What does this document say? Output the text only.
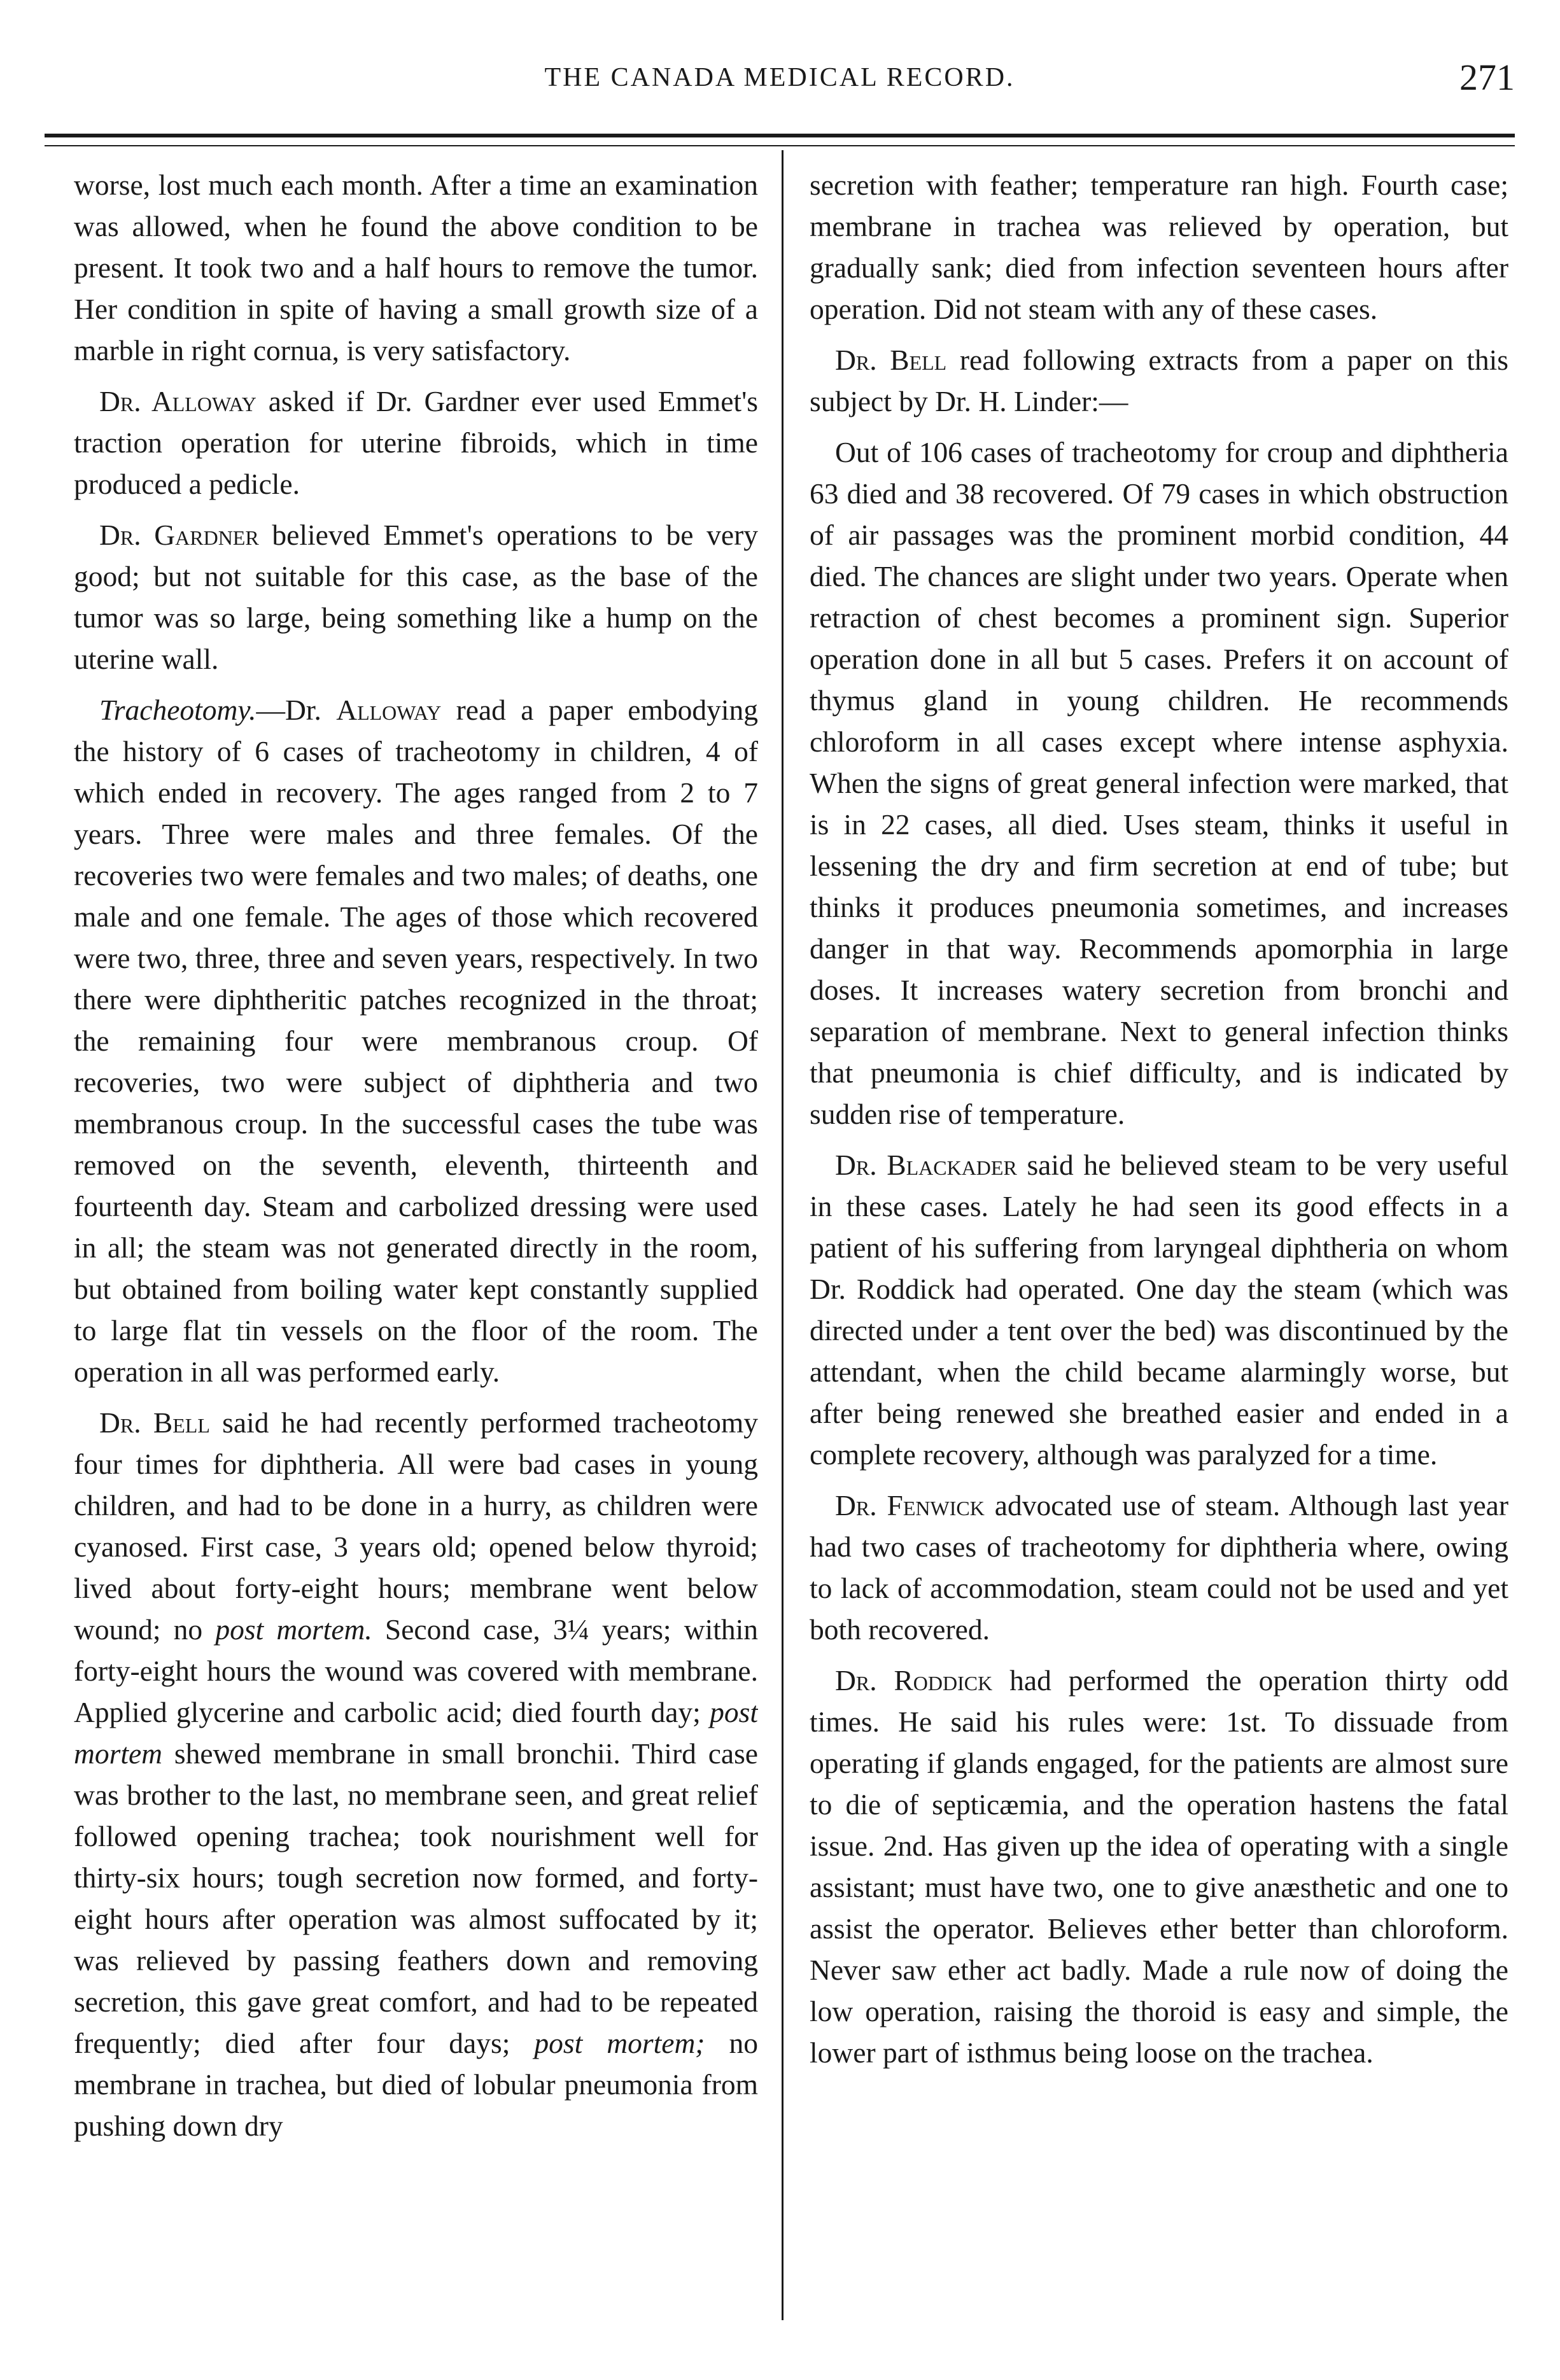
THE CANADA MEDICAL RECORD.	271

worse, lost much each month. After a time an examination was allowed, when he found the above condition to be present. It took two and a half hours to remove the tumor. Her condition in spite of having a small growth size of a marble in right cornua, is very satisfactory.

Dr. Alloway asked if Dr. Gardner ever used Emmet's traction operation for uterine fibroids, which in time produced a pedicle.

Dr. Gardner believed Emmet's operations to be very good; but not suitable for this case, as the base of the tumor was so large, being something like a hump on the uterine wall.

Tracheotomy.—Dr. Alloway read a paper embodying the history of 6 cases of tracheotomy in children, 4 of which ended in recovery. The ages ranged from 2 to 7 years. Three were males and three females. Of the recoveries two were females and two males; of deaths, one male and one female. The ages of those which recovered were two, three, three and seven years, respectively. In two there were diphtheritic patches recognized in the throat; the remaining four were membranous croup. Of recoveries, two were subject of diphtheria and two membranous croup. In the successful cases the tube was removed on the seventh, eleventh, thirteenth and fourteenth day. Steam and carbolized dressing were used in all; the steam was not generated directly in the room, but obtained from boiling water kept constantly supplied to large flat tin vessels on the floor of the room. The operation in all was performed early.

Dr. Bell said he had recently performed tracheotomy four times for diphtheria. All were bad cases in young children, and had to be done in a hurry, as children were cyanosed. First case, 3 years old; opened below thyroid; lived about forty-eight hours; membrane went below wound; no post mortem. Second case, 3¼ years; within forty-eight hours the wound was covered with membrane. Applied glycerine and carbolic acid; died fourth day; post mortem shewed membrane in small bronchii. Third case was brother to the last, no membrane seen, and great relief followed opening trachea; took nourishment well for thirty-six hours; tough secretion now formed, and forty-eight hours after operation was almost suffocated by it; was relieved by passing feathers down and removing secretion, this gave great comfort, and had to be repeated frequently; died after four days; post mortem; no membrane in trachea, but died of lobular pneumonia from pushing down dry

secretion with feather; temperature ran high. Fourth case; membrane in trachea was relieved by operation, but gradually sank; died from infection seventeen hours after operation. Did not steam with any of these cases.

Dr. Bell read following extracts from a paper on this subject by Dr. H. Linder:—

Out of 106 cases of tracheotomy for croup and diphtheria 63 died and 38 recovered. Of 79 cases in which obstruction of air passages was the prominent morbid condition, 44 died. The chances are slight under two years. Operate when retraction of chest becomes a prominent sign. Superior operation done in all but 5 cases. Prefers it on account of thymus gland in young children. He recommends chloroform in all cases except where intense asphyxia. When the signs of great general infection were marked, that is in 22 cases, all died. Uses steam, thinks it useful in lessening the dry and firm secretion at end of tube; but thinks it produces pneumonia sometimes, and increases danger in that way. Recommends apomorphia in large doses. It increases watery secretion from bronchi and separation of membrane. Next to general infection thinks that pneumonia is chief difficulty, and is indicated by sudden rise of temperature.

Dr. Blackader said he believed steam to be very useful in these cases. Lately he had seen its good effects in a patient of his suffering from laryngeal diphtheria on whom Dr. Roddick had operated. One day the steam (which was directed under a tent over the bed) was discontinued by the attendant, when the child became alarmingly worse, but after being renewed she breathed easier and ended in a complete recovery, although was paralyzed for a time.

Dr. Fenwick advocated use of steam. Although last year had two cases of tracheotomy for diphtheria where, owing to lack of accommodation, steam could not be used and yet both recovered.

Dr. Roddick had performed the operation thirty odd times. He said his rules were: 1st. To dissuade from operating if glands engaged, for the patients are almost sure to die of septicæmia, and the operation hastens the fatal issue. 2nd. Has given up the idea of operating with a single assistant; must have two, one to give anæsthetic and one to assist the operator. Believes ether better than chloroform. Never saw ether act badly. Made a rule now of doing the low operation, raising the thoroid is easy and simple, the lower part of isthmus being loose on the trachea.
